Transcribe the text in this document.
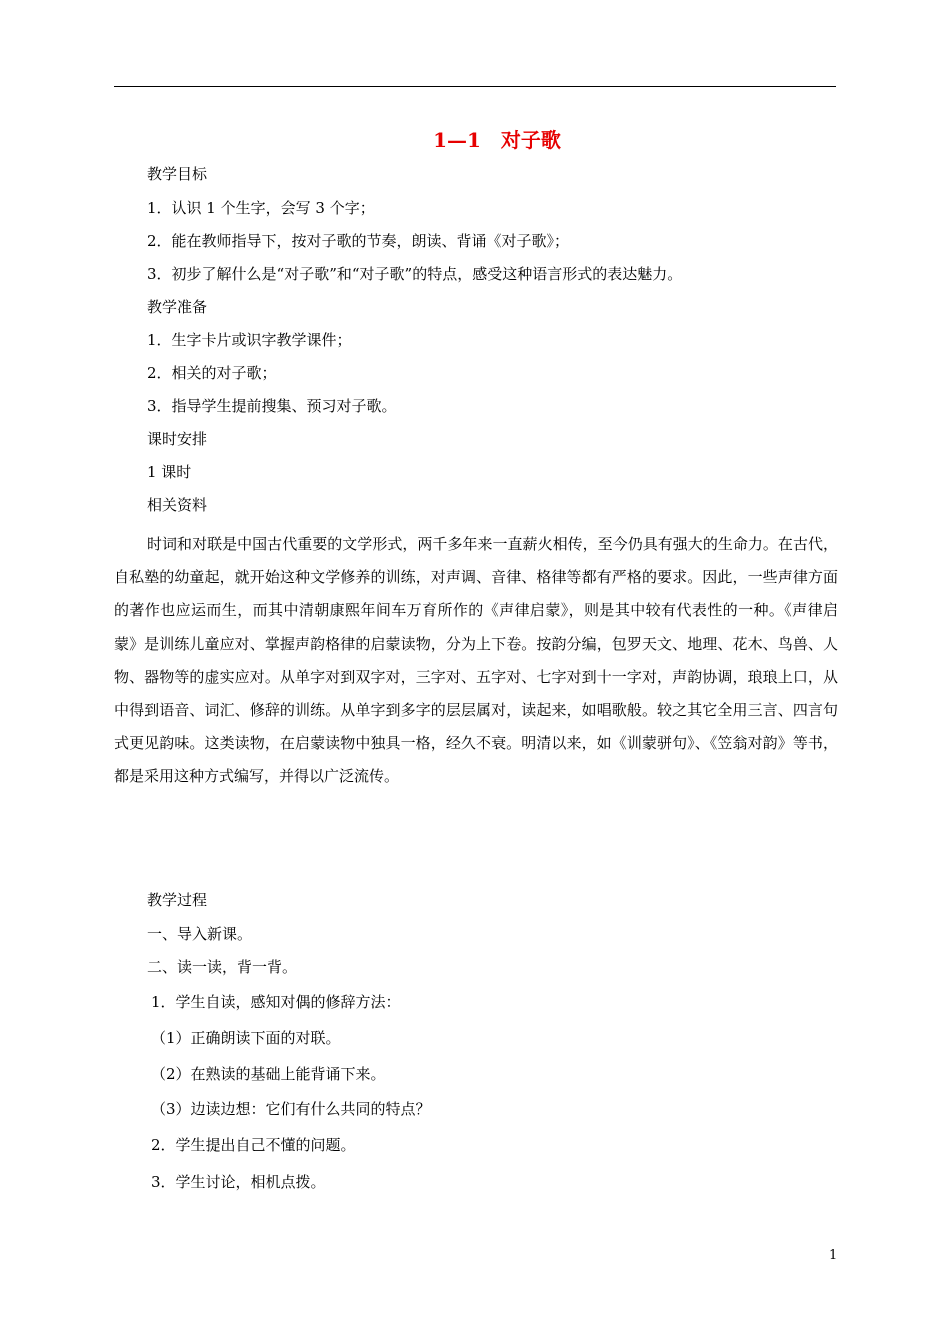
1—1　对子歌
教学目标
1．认识 1 个生字，会写 3 个字；
2．能在教师指导下，按对子歌的节奏，朗读、背诵《对子歌》；
3．初步了解什么是“对子歌”和“对子歌”的特点，感受这种语言形式的表达魅力。
教学准备
1．生字卡片或识字教学课件；
2．相关的对子歌；
3．指导学生提前搜集、预习对子歌。
课时安排
1 课时
相关资料

时词和对联是中国古代重要的文学形式，两千多年来一直薪火相传，至今仍具有强大的生命力。在古代，自私塾的幼童起，就开始这种文学修养的训练，对声调、音律、格律等都有严格的要求。因此，一些声律方面的著作也应运而生，而其中清朝康熙年间车万育所作的《声律启蒙》，则是其中较有代表性的一种。《声律启蒙》是训练儿童应对、掌握声韵格律的启蒙读物，分为上下卷。按韵分编，包罗天文、地理、花木、鸟兽、人物、器物等的虚实应对。从单字对到双字对，三字对、五字对、七字对到十一字对，声韵协调，琅琅上口，从中得到语音、词汇、修辞的训练。从单字到多字的层层属对，读起来，如唱歌般。较之其它全用三言、四言句式更见韵味。这类读物，在启蒙读物中独具一格，经久不衰。明清以来，如《训蒙骈句》、《笠翁对韵》等书，都是采用这种方式编写，并得以广泛流传。

教学过程
一、导入新课。
二、读一读，背一背。
1．学生自读，感知对偶的修辞方法：
（1）正确朗读下面的对联。
（2）在熟读的基础上能背诵下来。
（3）边读边想：它们有什么共同的特点？
2．学生提出自己不懂的问题。
3．学生讨论，相机点拨。
1
